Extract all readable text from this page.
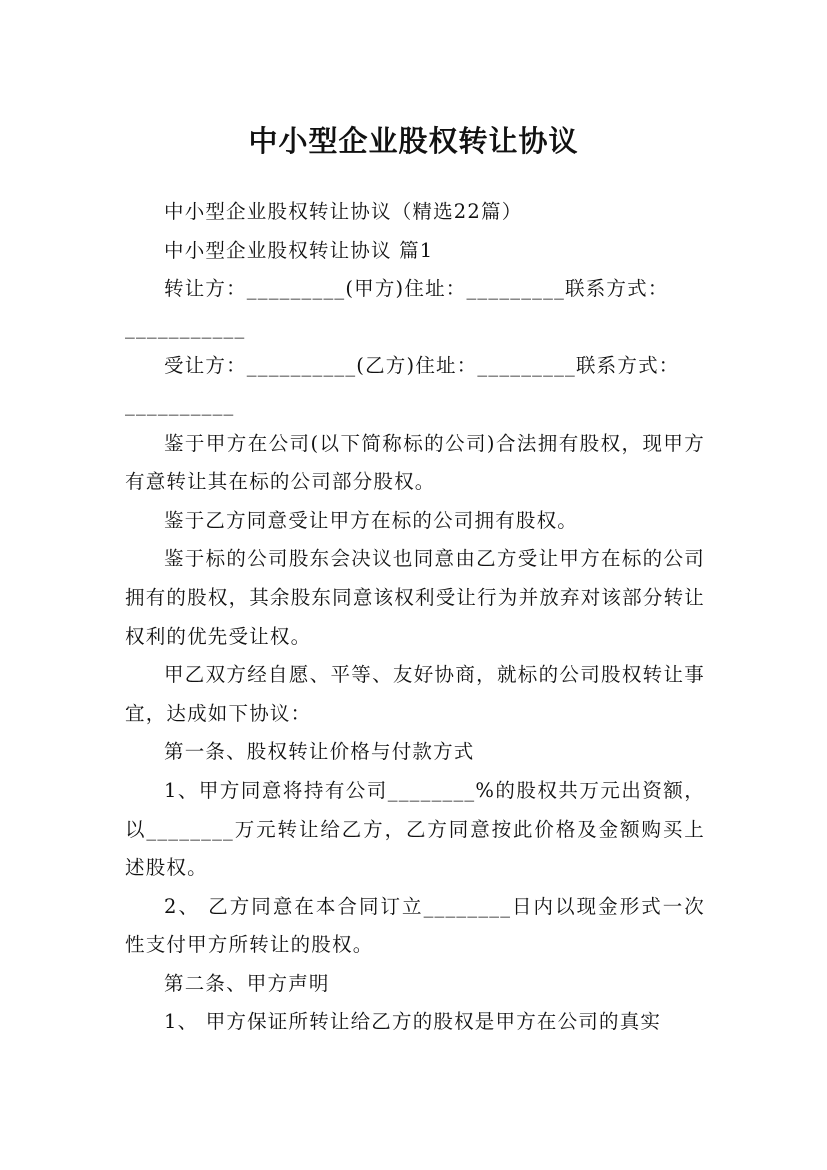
中小型企业股权转让协议

中小型企业股权转让协议（精选22篇）

中小型企业股权转让协议 篇1

转让方：_________(甲方)住址：_________联系方式：

___________

受让方：__________(乙方)住址：_________联系方式：

__________

鉴于甲方在公司(以下简称标的公司)合法拥有股权，现甲方有意转让其在标的公司部分股权。

鉴于乙方同意受让甲方在标的公司拥有股权。

鉴于标的公司股东会决议也同意由乙方受让甲方在标的公司拥有的股权，其余股东同意该权利受让行为并放弃对该部分转让权利的优先受让权。

甲乙双方经自愿、平等、友好协商，就标的公司股权转让事宜，达成如下协议：

第一条、股权转让价格与付款方式

1、甲方同意将持有公司________%的股权共万元出资额，以________万元转让给乙方，乙方同意按此价格及金额购买上述股权。

2、 乙方同意在本合同订立________日内以现金形式一次性支付甲方所转让的股权。

第二条、甲方声明

1、 甲方保证所转让给乙方的股权是甲方在公司的真实
